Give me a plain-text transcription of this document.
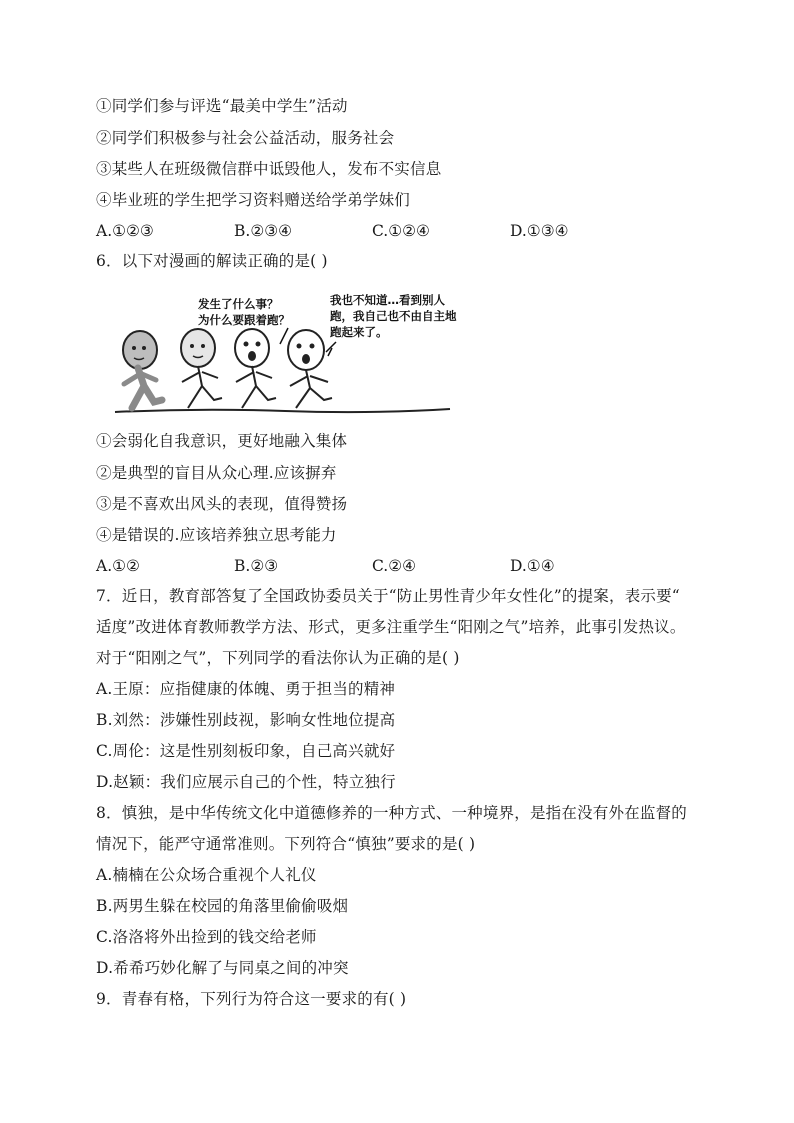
①同学们参与评选“最美中学生”活动
②同学们积极参与社会公益活动，服务社会
③某些人在班级微信群中诋毁他人，发布不实信息
④毕业班的学生把学习资料赠送给学弟学妹们
A.①②③	B.②③④	C.①②④	D.①③④
6．以下对漫画的解读正确的是( )
发生了什么事？
为什么要跟着跑？
我也不知道…看到别人
跑，我自己也不由自主地
跑起来了。
①会弱化自我意识，更好地融入集体
②是典型的盲目从众心理.应该摒弃
③是不喜欢出风头的表现，值得赞扬
④是错误的.应该培养独立思考能力
A.①②	B.②③	C.②④	D.①④
7．近日，教育部答复了全国政协委员关于“防止男性青少年女性化”的提案，表示要“
适度”改进体育教师教学方法、形式，更多注重学生“阳刚之气”培养，此事引发热议。
对于“阳刚之气”，下列同学的看法你认为正确的是( )
A.王原：应指健康的体魄、勇于担当的精神
B.刘然：涉嫌性别歧视，影响女性地位提高
C.周伦：这是性别刻板印象，自己高兴就好
D.赵颖：我们应展示自己的个性，特立独行
8．慎独，是中华传统文化中道德修养的一种方式、一种境界，是指在没有外在监督的
情况下，能严守通常准则。下列符合“慎独”要求的是( )
A.楠楠在公众场合重视个人礼仪
B.两男生躲在校园的角落里偷偷吸烟
C.洛洛将外出捡到的钱交给老师
D.希希巧妙化解了与同桌之间的冲突
9．青春有格，下列行为符合这一要求的有( )
